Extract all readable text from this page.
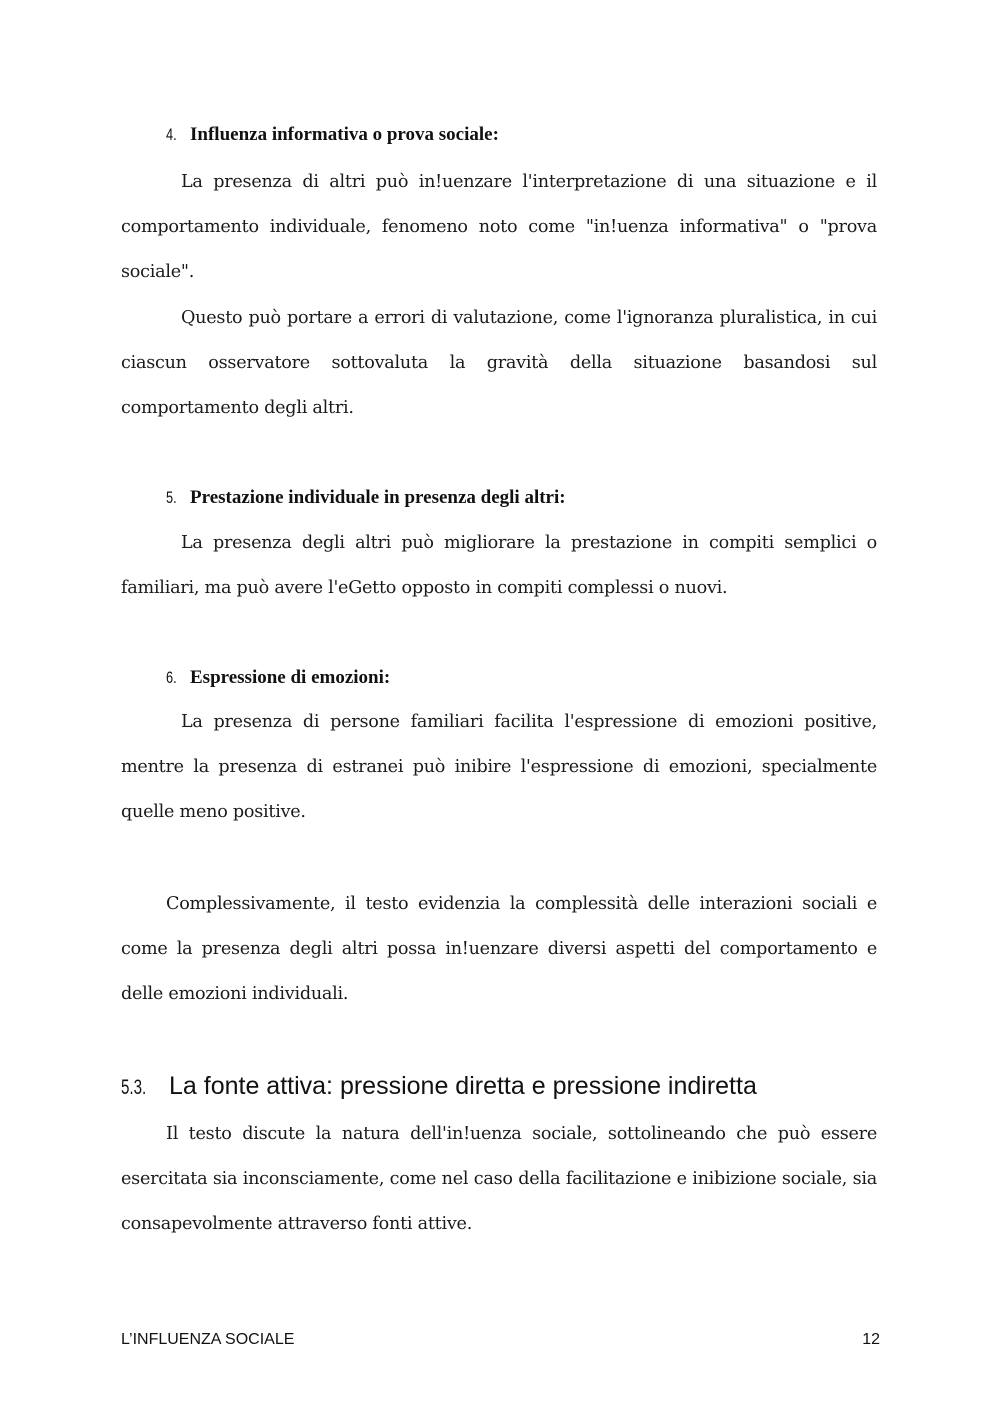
4. Influenza informativa o prova sociale:

La presenza di altri può in!uenzare l'interpretazione di una situazione e il comportamento individuale, fenomeno noto come "in!uenza informativa" o "prova sociale".

Questo può portare a errori di valutazione, come l'ignoranza pluralistica, in cui ciascun osservatore sottovaluta la gravità della situazione basandosi sul comportamento degli altri.

5. Prestazione individuale in presenza degli altri:

La presenza degli altri può migliorare la prestazione in compiti semplici o familiari, ma può avere l'eGetto opposto in compiti complessi o nuovi.

6. Espressione di emozioni:

La presenza di persone familiari facilita l'espressione di emozioni positive, mentre la presenza di estranei può inibire l'espressione di emozioni, specialmente quelle meno positive.

Complessivamente, il testo evidenzia la complessità delle interazioni sociali e come la presenza degli altri possa in!uenzare diversi aspetti del comportamento e delle emozioni individuali.

5.3. La fonte attiva: pressione diretta e pressione indiretta

Il testo discute la natura dell'in!uenza sociale, sottolineando che può essere esercitata sia inconsciamente, come nel caso della facilitazione e inibizione sociale, sia consapevolmente attraverso fonti attive.

L’INFLUENZA SOCIALE	12
